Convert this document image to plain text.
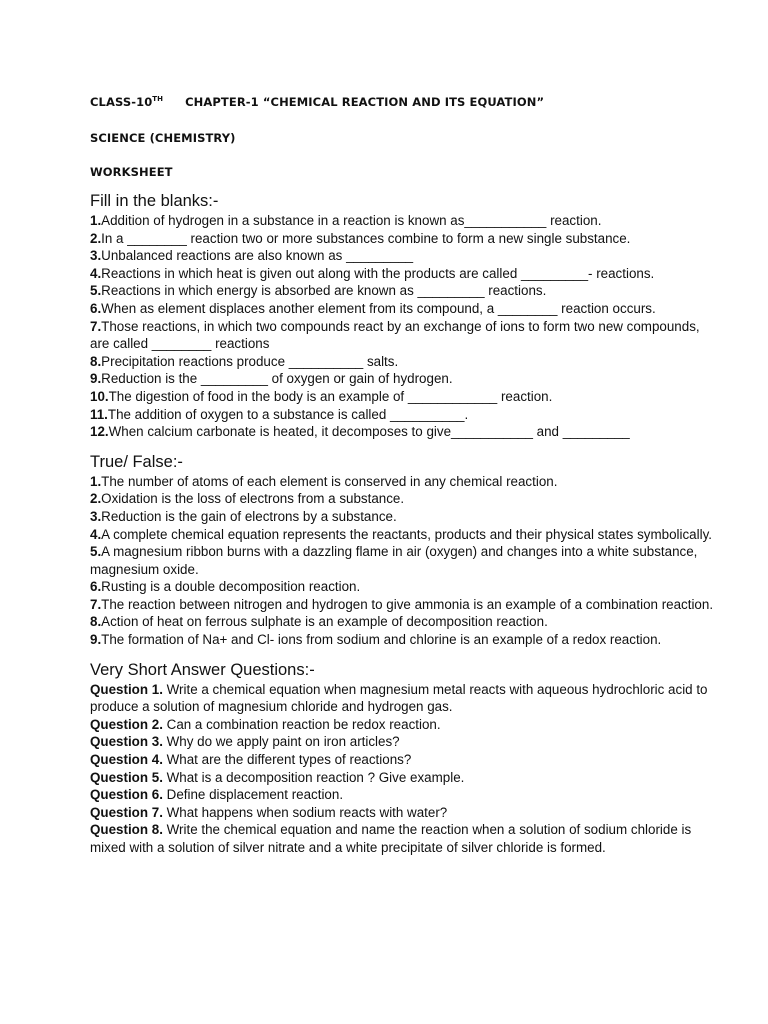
CLASS-10TH CHAPTER-1 “CHEMICAL REACTION AND ITS EQUATION”

SCIENCE (CHEMISTRY)

WORKSHEET

Fill in the blanks:-
1.Addition of hydrogen in a substance in a reaction is known as___________ reaction.
2.In a ________ reaction two or more substances combine to form a new single substance.
3.Unbalanced reactions are also known as _________
4.Reactions in which heat is given out along with the products are called _________- reactions.
5.Reactions in which energy is absorbed are known as _________ reactions.
6.When as element displaces another element from its compound, a ________ reaction occurs.
7.Those reactions, in which two compounds react by an exchange of ions to form two new compounds, are called ________ reactions
8.Precipitation reactions produce __________ salts.
9.Reduction is the _________ of oxygen or gain of hydrogen.
10.The digestion of food in the body is an example of ____________ reaction.
11.The addition of oxygen to a substance is called __________.
12.When calcium carbonate is heated, it decomposes to give___________ and _________
True/ False:-
1.The number of atoms of each element is conserved in any chemical reaction.
2.Oxidation is the loss of electrons from a substance.
3.Reduction is the gain of electrons by a substance.
4.A complete chemical equation represents the reactants, products and their physical states symbolically.
5.A magnesium ribbon burns with a dazzling flame in air (oxygen) and changes into a white substance, magnesium oxide.
6.Rusting is a double decomposition reaction.
7.The reaction between nitrogen and hydrogen to give ammonia is an example of a combination reaction.
8.Action of heat on ferrous sulphate is an example of decomposition reaction.
9.The formation of Na+ and Cl- ions from sodium and chlorine is an example of a redox reaction.
Very Short Answer Questions:-
Question 1. Write a chemical equation when magnesium metal reacts with aqueous hydrochloric acid to produce a solution of magnesium chloride and hydrogen gas.
Question 2. Can a combination reaction be redox reaction.
Question 3. Why do we apply paint on iron articles?
Question 4. What are the different types of reactions?
Question 5. What is a decomposition reaction ? Give example.
Question 6. Define displacement reaction.
Question 7. What happens when sodium reacts with water?
Question 8. Write the chemical equation and name the reaction when a solution of sodium chloride is mixed with a solution of silver nitrate and a white precipitate of silver chloride is formed.
